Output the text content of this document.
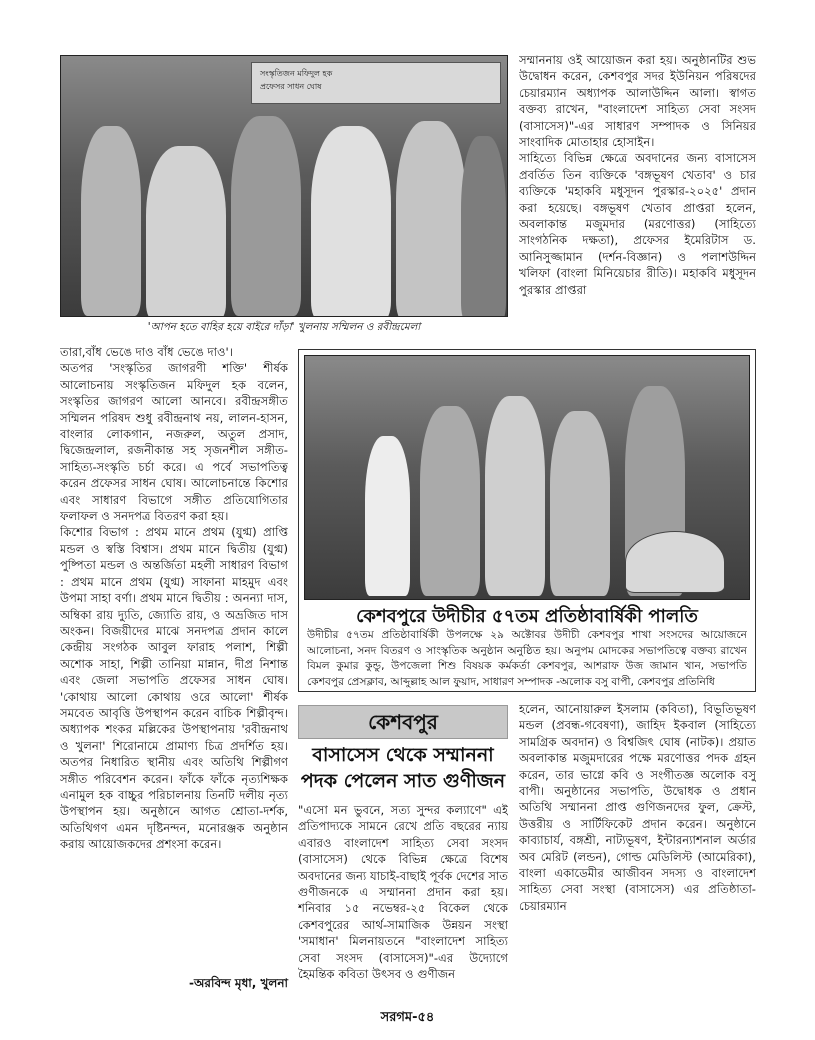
সংস্কৃতিজন মফিদুল হক
প্রফেসর সাধন ঘোষ
'আপন হতে বাহির হয়ে বাইরে দাঁড়া' খুলনায় সম্মিলন ও রবীন্দ্রমেলা

সম্মাননায় ওই আয়োজন করা হয়। অনুষ্ঠানটির শুভ উদ্বোধন করেন, কেশবপুর সদর ইউনিয়ন পরিষদের চেয়ারম্যান অধ্যাপক আলাউদ্দিন আলা। স্বাগত বক্তব্য রাখেন, "বাংলাদেশ সাহিত্য সেবা সংসদ (বাসাসেস)"-এর সাধারণ সম্পাদক ও সিনিয়র সাংবাদিক মোতাহার হোসাইন।

সাহিত্যে বিভিন্ন ক্ষেত্রে অবদানের জন্য বাসাসেস প্রবর্তিত তিন ব্যক্তিকে 'বঙ্গভূষণ খেতাব' ও চার ব্যক্তিকে 'মহাকবি মধুসূদন পুরস্কার-২০২৫' প্রদান করা হয়েছে। বঙ্গভূষণ খেতাব প্রাপ্তরা হলেন, অবলাকান্ত মজুমদার (মরণোত্তর) (সাহিত্যে সাংগঠনিক দক্ষতা), প্রফেসর ইমেরিটাস ড. আনিসুজ্জামান (দর্শন-বিজ্ঞান) ও পলাশউদ্দিন খলিফা (বাংলা মিনিয়েচার রীতি)। মহাকবি মধুসূদন পুরস্কার প্রাপ্তরা

তারা,বাঁধ ভেঙে দাও বাঁধ ভেঙে দাও'।

অতপর 'সংস্কৃতির জাগরণী শক্তি' শীর্ষক আলোচনায় সংস্কৃতিজন মফিদুল হক বলেন, সংস্কৃতির জাগরণ আলো আনবে। রবীন্দ্রসঙ্গীত সম্মিলন পরিষদ শুধু রবীন্দ্রনাথ নয়, লালন-হাসন, বাংলার লোকগান, নজরুল, অতুল প্রসাদ, দ্বিজেন্দ্রলাল, রজনীকান্ত সহ সৃজনশীল সঙ্গীত-সাহিত্য-সংস্কৃতি চর্চা করে। এ পর্বে সভাপতিত্ব করেন প্রফেসর সাধন ঘোষ। আলোচনান্তে কিশোর এবং সাধারণ বিভাগে সঙ্গীত প্রতিযোগিতার ফলাফল ও সনদপত্র বিতরণ করা হয়।

কিশোর বিভাগ : প্রথম মানে প্রথম (যুগ্ম) প্রাপ্তি মন্ডল ও স্বস্তি বিশ্বাস। প্রথম মানে দ্বিতীয় (যুগ্ম) পুষ্পিতা মন্ডল ও অন্তর্জিতা মহলী সাধারণ বিভাগ : প্রথম মানে প্রথম (যুগ্ম) সাফানা মাহমুদ এবং উপমা সাহা বর্ণা। প্রথম মানে দ্বিতীয় : অনন্যা দাস, অম্বিকা রায় দ্যুতি, জ্যোতি রায়, ও অভ্রজিত দাস অংকন। বিজয়ীদের মাঝে সনদপত্র প্রদান কালে কেন্দ্রীয় সংগঠক আবুল ফারাহ পলাশ, শিল্পী অশোক সাহা, শিল্পী তানিয়া মান্নান, দীপ্র নিশান্ত এবং জেলা সভাপতি প্রফেসর সাধন ঘোষ। 'কোথায় আলো কোথায় ওরে আলো' শীর্ষক সমবেত আবৃত্তি উপস্থাপন করেন বাচিক শিল্পীবৃন্দ। অধ্যাপক শংকর মল্লিকের উপস্থাপনায় 'রবীন্দ্রনাথ ও খুলনা' শিরোনামে প্রামাণ্য চিত্র প্রদর্শিত হয়। অতপর নিধারিত স্থানীয় এবং অতিথি শিল্পীগণ সঙ্গীত পরিবেশন করেন। ফাঁকে ফাঁকে নৃত্যশিক্ষক এনামুল হক বাচ্চুর পরিচালনায় তিনটি দলীয় নৃত্য উপস্থাপন হয়। অনুষ্ঠানে আগত শ্রোতা-দর্শক, অতিথিগণ এমন দৃষ্টিনন্দন, মনোরঞ্জক অনুষ্ঠান করায় আয়োজকদের প্রশংসা করেন।

-অরবিন্দ মৃধা, খুলনা
কেশবপুরে উদীচীর ৫৭তম প্রতিষ্ঠাবার্ষিকী পালতি
উদীচীর ৫৭তম প্রতিষ্ঠাবার্ষিকী উপলক্ষে ২৯ অক্টোবর উদীচী কেশবপুর শাখা সংসদের আয়োজনে আলোচনা, সনদ বিতরণ ও সাংস্কৃতিক অনুষ্ঠান অনুষ্ঠিত হয়। অনুপম মোদকের সভাপতিত্বে বক্তব্য রাখেন বিমল কুমার কুন্ডু, উপজেলা শিশু বিষয়ক কর্মকর্তা কেশবপুর, আশরাফ উজ জামান খান, সভাপতি কেশবপুর প্রেসক্লাব, আব্দুল্লাহ আল ফুয়াদ, সাধারণ সম্পাদক -অলোক বসু বাপী, কেশবপুর প্রতিনিধি
কেশবপুর
বাসাসেস থেকে সম্মাননা
পদক পেলেন সাত গুণীজন
"এসো মন ভুবনে, সত্য সুন্দর কল্যাণে" এই প্রতিপাদ্যকে সামনে রেখে প্রতি বছরের ন্যায় এবারও বাংলাদেশ সাহিত্য সেবা সংসদ (বাসাসেস) থেকে বিভিন্ন ক্ষেত্রে বিশেষ অবদানের জন্য যাচাই-বাছাই পূর্বক দেশের সাত গুণীজনকে এ সম্মাননা প্রদান করা হয়। শনিবার ১৫ নভেম্বর-২৫ বিকেল থেকে কেশবপুরের আর্থ-সামাজিক উন্নয়ন সংস্থা 'সমাধান' মিলনায়তনে "বাংলাদেশ সাহিত্য সেবা সংসদ (বাসাসেস)"-এর উদ্যোগে হৈমন্তিক কবিতা উৎসব ও গুণীজন
হলেন, আনোয়ারুল ইসলাম (কবিতা), বিভূতিভূষণ মন্ডল (প্রবন্ধ-গবেষণা), জাহিদ ইকবাল (সাহিত্যে সামগ্রিক অবদান) ও বিশ্বজিৎ ঘোষ (নাটক)। প্রয়াত অবলাকান্ত মজুমদারের পক্ষে মরণোত্তর পদক গ্রহন করেন, তার ভাগ্নে কবি ও সংগীতজ্ঞ অলোক বসু বাপী। অনুষ্ঠানের সভাপতি, উদ্বোধক ও প্রধান অতিথি সম্মাননা প্রাপ্ত গুণিজনদের ফুল, ক্রেস্ট, উত্তরীয় ও সার্টিফিকেট প্রদান করেন। অনুষ্ঠানে কাব্যাচার্য, বঙ্গশ্রী, নাট্যভূষণ, ইন্টারন্যাশনাল অর্ডার অব মেরিট (লন্ডন), গোল্ড মেডিলিস্ট (আমেরিকা), বাংলা একাডেমীর আজীবন সদস্য ও বাংলাদেশ সাহিত্য সেবা সংস্থা (বাসাসেস) এর প্রতিষ্ঠাতা-চেয়ারম্যান
সরগম-৫৪
